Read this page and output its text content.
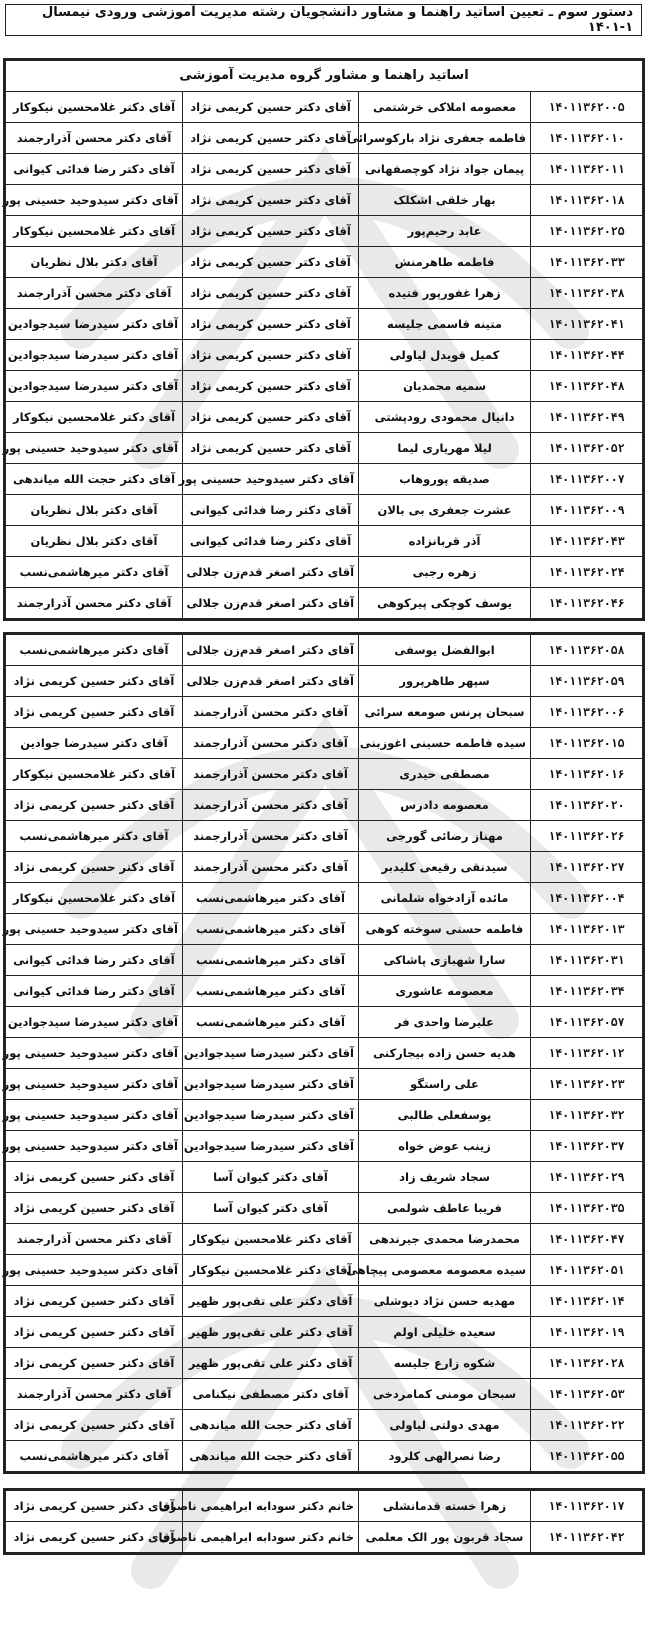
دستور سوم ـ تعیین اساتید راهنما و مشاور دانشجویان رشته مدیریت آموزشی ورودی نیمسال ۱-۱۴۰۱
اساتید راهنما و مشاور گروه مدیریت آموزشی			
۱۴۰۱۱۳۶۲۰۰۵	معصومه املاکی خرشتمی	آقای دکتر حسین کریمی نژاد	آقای دکتر غلامحسین نیکوکار
۱۴۰۱۱۳۶۲۰۱۰	فاطمه جعفری نژاد بارکوسرائی	آقای دکتر حسین کریمی نژاد	آقای دکتر محسن آذرارجمند
۱۴۰۱۱۳۶۲۰۱۱	پیمان جواد نژاد کوچصفهانی	آقای دکتر حسین کریمی نژاد	آقای دکتر رضا فدائی کیوانی
۱۴۰۱۱۳۶۲۰۱۸	بهار خلقی اشکلک	آقای دکتر حسین کریمی نژاد	آقای دکتر سیدوحید حسینی پور
۱۴۰۱۱۳۶۲۰۲۵	عابد رحیم‌پور	آقای دکتر حسین کریمی نژاد	آقای دکتر غلامحسین نیکوکار
۱۴۰۱۱۳۶۲۰۳۳	فاطمه طاهرمنش	آقای دکتر حسین کریمی نژاد	آقای دکتر بلال نظریان
۱۴۰۱۱۳۶۲۰۳۸	زهرا غفورپور فتیده	آقای دکتر حسین کریمی نژاد	آقای دکتر محسن آذرارجمند
۱۴۰۱۱۳۶۲۰۴۱	متینه قاسمی جلیسه	آقای دکتر حسین کریمی نژاد	آقای دکتر سیدرضا سیدجوادین
۱۴۰۱۱۳۶۲۰۴۴	کمیل قویدل لیاولی	آقای دکتر حسین کریمی نژاد	آقای دکتر سیدرضا سیدجوادین
۱۴۰۱۱۳۶۲۰۴۸	سمیه محمدیان	آقای دکتر حسین کریمی نژاد	آقای دکتر سیدرضا سیدجوادین
۱۴۰۱۱۳۶۲۰۴۹	دانیال محمودی رودپشتی	آقای دکتر حسین کریمی نژاد	آقای دکتر غلامحسین نیکوکار
۱۴۰۱۱۳۶۲۰۵۲	لیلا مهریاری لیما	آقای دکتر حسین کریمی نژاد	آقای دکتر سیدوحید حسینی پور
۱۴۰۱۱۳۶۲۰۰۷	صدیقه پوروهاب	آقای دکتر سیدوحید حسینی پور	آقای دکتر حجت الله میاندهی
۱۴۰۱۱۳۶۲۰۰۹	عشرت جعفری بی بالان	آقای دکتر رضا فدائی کیوانی	آقای دکتر بلال نظریان
۱۴۰۱۱۳۶۲۰۴۳	آذر قربانزاده	آقای دکتر رضا فدائی کیوانی	آقای دکتر بلال نظریان
۱۴۰۱۱۳۶۲۰۲۴	زهره رجبی	آقای دکتر اصغر قدم‌زن جلالی	آقای دکتر میرهاشمی‌نسب
۱۴۰۱۱۳۶۲۰۴۶	یوسف کوچکی پیرکوهی	آقای دکتر اصغر قدم‌زن جلالی	آقای دکتر محسن آذرارجمند
۱۴۰۱۱۳۶۲۰۵۸	ابوالفضل یوسفی	آقای دکتر اصغر قدم‌زن جلالی	آقای دکتر میرهاشمی‌نسب
۱۴۰۱۱۳۶۲۰۵۹	سپهر طاهرپرور	آقای دکتر اصغر قدم‌زن جلالی	آقای دکتر حسین کریمی نژاد
۱۴۰۱۱۳۶۲۰۰۶	سبحان پرنس صومعه سرائی	آقای دکتر محسن آذرارجمند	آقای دکتر حسین کریمی نژاد
۱۴۰۱۱۳۶۲۰۱۵	سیده فاطمه حسینی اغوزبنی	آقای دکتر محسن آذرارجمند	آقای دکتر سیدرضا جوادین
۱۴۰۱۱۳۶۲۰۱۶	مصطفی حیدری	آقای دکتر محسن آذرارجمند	آقای دکتر غلامحسین نیکوکار
۱۴۰۱۱۳۶۲۰۲۰	معصومه دادرس	آقای دکتر محسن آذرارجمند	آقای دکتر حسین کریمی نژاد
۱۴۰۱۱۳۶۲۰۲۶	مهناز رضائی گورجی	آقای دکتر محسن آذرارجمند	آقای دکتر میرهاشمی‌نسب
۱۴۰۱۱۳۶۲۰۲۷	سیدنقی رقیعی کلیدبر	آقای دکتر محسن آذرارجمند	آقای دکتر حسین کریمی نژاد
۱۴۰۱۱۳۶۲۰۰۴	مائده آزادخواه شلمانی	آقای دکتر میرهاشمی‌نسب	آقای دکتر غلامحسین نیکوکار
۱۴۰۱۱۳۶۲۰۱۳	فاطمه حسنی سوخته کوهی	آقای دکتر میرهاشمی‌نسب	آقای دکتر سیدوحید حسینی پور
۱۴۰۱۱۳۶۲۰۳۱	سارا شهبازی پاشاکی	آقای دکتر میرهاشمی‌نسب	آقای دکتر رضا فدائی کیوانی
۱۴۰۱۱۳۶۲۰۳۴	معصومه عاشوری	آقای دکتر میرهاشمی‌نسب	آقای دکتر رضا فدائی کیوانی
۱۴۰۱۱۳۶۲۰۵۷	علیرضا واحدی فر	آقای دکتر میرهاشمی‌نسب	آقای دکتر سیدرضا سیدجوادین
۱۴۰۱۱۳۶۲۰۱۲	هدیه حسن زاده بیجارکنی	آقای دکتر سیدرضا سیدجوادین	آقای دکتر سیدوحید حسینی پور
۱۴۰۱۱۳۶۲۰۲۳	علی راستگو	آقای دکتر سیدرضا سیدجوادین	آقای دکتر سیدوحید حسینی پور
۱۴۰۱۱۳۶۲۰۳۲	یوسفعلی طالبی	آقای دکتر سیدرضا سیدجوادین	آقای دکتر سیدوحید حسینی پور
۱۴۰۱۱۳۶۲۰۳۷	زینب عوض خواه	آقای دکتر سیدرضا سیدجوادین	آقای دکتر سیدوحید حسینی پور
۱۴۰۱۱۳۶۲۰۲۹	سجاد شریف زاد	آقای دکتر کیوان آسا	آقای دکتر حسین کریمی نژاد
۱۴۰۱۱۳۶۲۰۳۵	فریبا عاطف شولمی	آقای دکتر کیوان آسا	آقای دکتر حسین کریمی نژاد
۱۴۰۱۱۳۶۲۰۴۷	محمدرضا محمدی جیرندهی	آقای دکتر غلامحسین نیکوکار	آقای دکتر محسن آذرارجمند
۱۴۰۱۱۳۶۲۰۵۱	سیده معصومه معصومی پیچاهی	آقای دکتر غلامحسین نیکوکار	آقای دکتر سیدوحید حسینی پور
۱۴۰۱۱۳۶۲۰۱۴	مهدیه حسن نژاد دیوشلی	آقای دکتر علی تقی‌پور ظهیر	آقای دکتر حسین کریمی نژاد
۱۴۰۱۱۳۶۲۰۱۹	سعیده خلیلی اولم	آقای دکتر علی تقی‌پور ظهیر	آقای دکتر حسین کریمی نژاد
۱۴۰۱۱۳۶۲۰۲۸	شکوه زارع جلیسه	آقای دکتر علی تقی‌پور ظهیر	آقای دکتر حسین کریمی نژاد
۱۴۰۱۱۳۶۲۰۵۳	سبحان مومنی کمامردخی	آقای دکتر مصطفی نیکنامی	آقای دکتر محسن آذرارجمند
۱۴۰۱۱۳۶۲۰۲۲	مهدی دولتی لیاولی	آقای دکتر حجت الله میاندهی	آقای دکتر حسین کریمی نژاد
۱۴۰۱۱۳۶۲۰۵۵	رضا نصرالهی کلرود	آقای دکتر حجت الله میاندهی	آقای دکتر میرهاشمی‌نسب
۱۴۰۱۱۳۶۲۰۱۷	زهرا خسته قدمانشلی	خانم دکتر سودابه ابراهیمی ناصری	آقای دکتر حسین کریمی نژاد
۱۴۰۱۱۳۶۲۰۴۲	سجاد قربون پور الک معلمی	خانم دکتر سودابه ابراهیمی ناصری	آقای دکتر حسین کریمی نژاد
